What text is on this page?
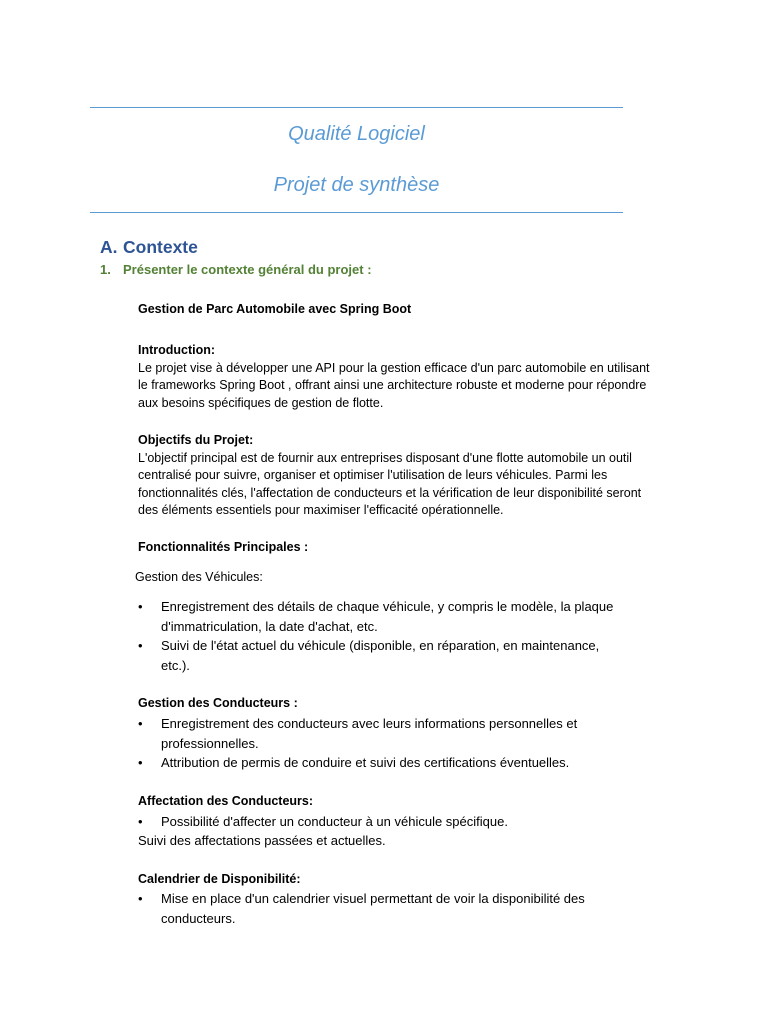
Qualité Logiciel
Projet de synthèse
A. Contexte
1. Présenter le contexte général du projet :
Gestion de Parc Automobile avec Spring Boot
Introduction:
Le projet vise à développer une API pour la gestion efficace d'un parc automobile en utilisant
le frameworks Spring Boot , offrant ainsi une architecture robuste et moderne pour répondre
aux besoins spécifiques de gestion de flotte.
Objectifs du Projet:
L'objectif principal est de fournir aux entreprises disposant d'une flotte automobile un outil
centralisé pour suivre, organiser et optimiser l'utilisation de leurs véhicules. Parmi les
fonctionnalités clés, l'affectation de conducteurs et la vérification de leur disponibilité seront
des éléments essentiels pour maximiser l'efficacité opérationnelle.
Fonctionnalités Principales :
Gestion des Véhicules:
• Enregistrement des détails de chaque véhicule, y compris le modèle, la plaque
d'immatriculation, la date d'achat, etc.
• Suivi de l'état actuel du véhicule (disponible, en réparation, en maintenance,
etc.).
Gestion des Conducteurs :
• Enregistrement des conducteurs avec leurs informations personnelles et
professionnelles.
• Attribution de permis de conduire et suivi des certifications éventuelles.
Affectation des Conducteurs:
• Possibilité d'affecter un conducteur à un véhicule spécifique.
Suivi des affectations passées et actuelles.
Calendrier de Disponibilité:
• Mise en place d'un calendrier visuel permettant de voir la disponibilité des
conducteurs.
